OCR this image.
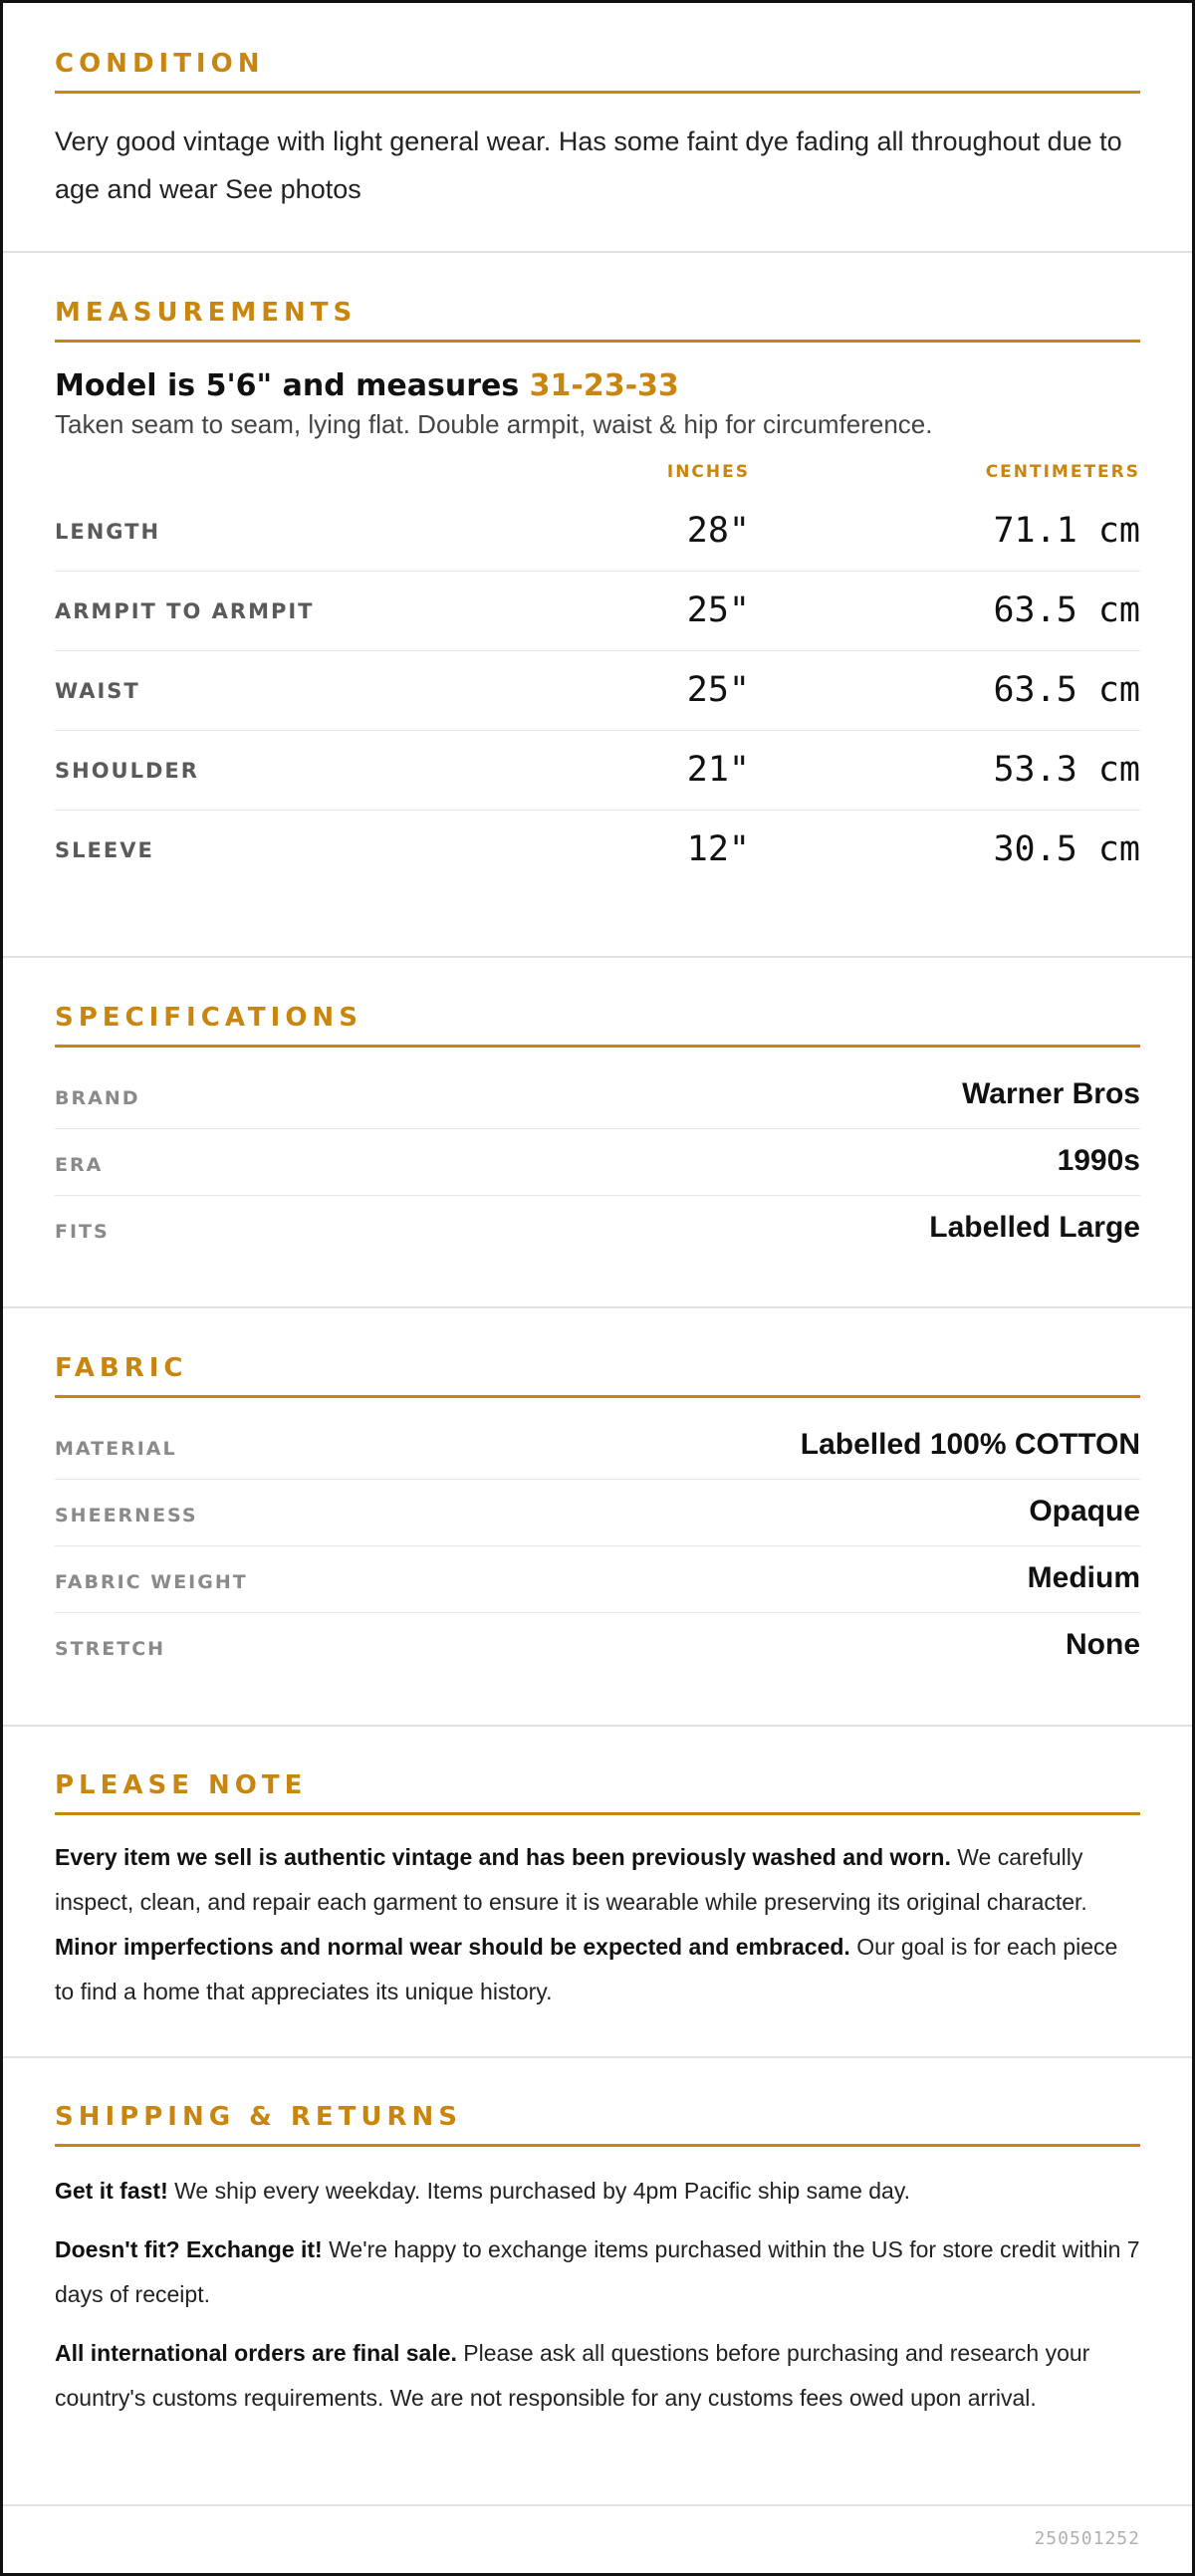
CONDITION

Very good vintage with light general wear. Has some faint dye fading all throughout due to age and wear See photos

MEASUREMENTS
Model is 5'6" and measures 31-23-33
Taken seam to seam, lying flat. Double armpit, waist & hip for circumference.
INCHES	CENTIMETERS
LENGTH	28"	71.1 cm
ARMPIT TO ARMPIT	25"	63.5 cm
WAIST	25"	63.5 cm
SHOULDER	21"	53.3 cm
SLEEVE	12"	30.5 cm
SPECIFICATIONS
BRAND	Warner Bros
ERA	1990s
FITS	Labelled Large
FABRIC
MATERIAL	Labelled 100% COTTON
SHEERNESS	Opaque
FABRIC WEIGHT	Medium
STRETCH	None
PLEASE NOTE

Every item we sell is authentic vintage and has been previously washed and worn. We carefully inspect, clean, and repair each garment to ensure it is wearable while preserving its original character. Minor imperfections and normal wear should be expected and embraced. Our goal is for each piece to find a home that appreciates its unique history.

SHIPPING & RETURNS

Get it fast! We ship every weekday. Items purchased by 4pm Pacific ship same day.

Doesn't fit? Exchange it! We're happy to exchange items purchased within the US for store credit within 7 days of receipt.

All international orders are final sale. Please ask all questions before purchasing and research your country's customs requirements. We are not responsible for any customs fees owed upon arrival.

250501252
